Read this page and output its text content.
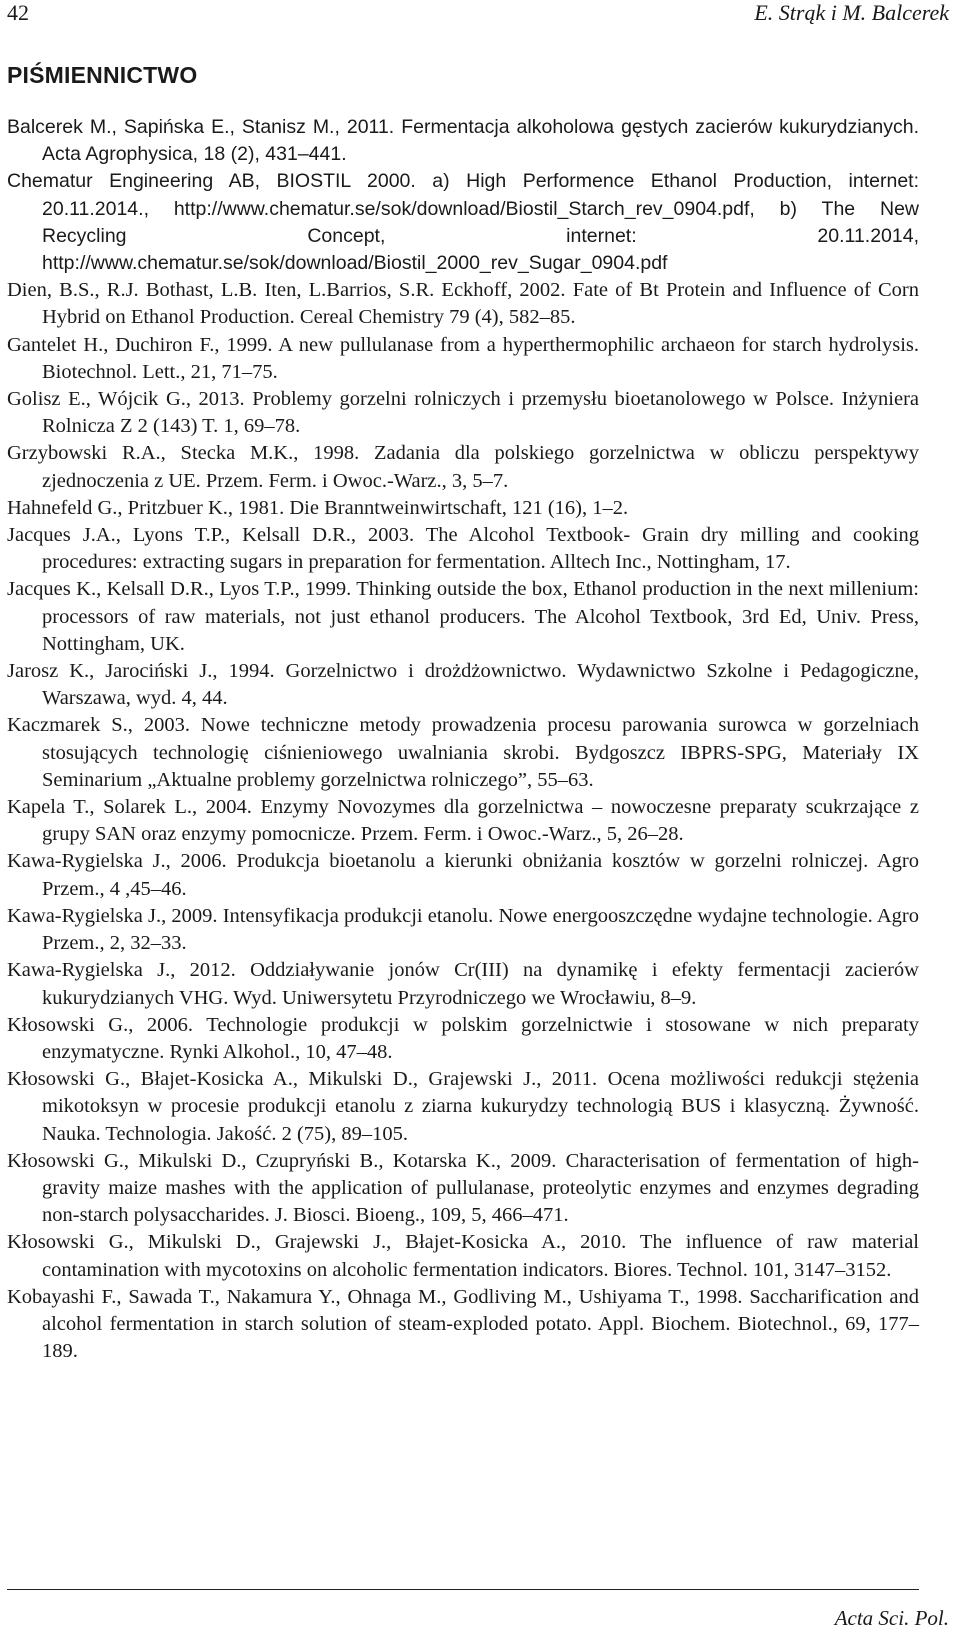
42	E. Strąk i M. Balcerek
PIŚMIENNICTWO
Balcerek M., Sapińska E., Stanisz M., 2011. Fermentacja alkoholowa gęstych zacierów kukurydzianych. Acta Agrophysica, 18 (2), 431–441.
Chematur Engineering AB, BIOSTIL 2000. a) High Performence Ethanol Production, internet: 20.11.2014., http://www.chematur.se/sok/download/Biostil_Starch_rev_0904.pdf, b) The New Recycling Concept, internet: 20.11.2014, http://www.chematur.se/sok/download/Biostil_2000_rev_Sugar_0904.pdf
Dien, B.S., R.J. Bothast, L.B. Iten, L.Barrios, S.R. Eckhoff, 2002. Fate of Bt Protein and Influence of Corn Hybrid on Ethanol Production. Cereal Chemistry 79 (4), 582–85.
Gantelet H., Duchiron F., 1999. A new pullulanase from a hyperthermophilic archaeon for starch hydrolysis. Biotechnol. Lett., 21, 71–75.
Golisz E., Wójcik G., 2013. Problemy gorzelni rolniczych i przemysłu bioetanolowego w Polsce. Inżyniera Rolnicza Z 2 (143) T. 1, 69–78.
Grzybowski R.A., Stecka M.K., 1998. Zadania dla polskiego gorzelnictwa w obliczu perspektywy zjednoczenia z UE. Przem. Ferm. i Owoc.-Warz., 3, 5–7.
Hahnefeld G., Pritzbuer K., 1981. Die Branntweinwirtschaft, 121 (16), 1–2.
Jacques J.A., Lyons T.P., Kelsall D.R., 2003. The Alcohol Textbook- Grain dry milling and cooking procedures: extracting sugars in preparation for fermentation. Alltech Inc., Nottingham, 17.
Jacques K., Kelsall D.R., Lyos T.P., 1999. Thinking outside the box, Ethanol production in the next millenium: processors of raw materials, not just ethanol producers. The Alcohol Textbook, 3rd Ed, Univ. Press, Nottingham, UK.
Jarosz K., Jarociński J., 1994. Gorzelnictwo i drożdżownictwo. Wydawnictwo Szkolne i Pedagogiczne, Warszawa, wyd. 4, 44.
Kaczmarek S., 2003. Nowe techniczne metody prowadzenia procesu parowania surowca w gorzelniach stosujących technologię ciśnieniowego uwalniania skrobi. Bydgoszcz IBPRS-SPG, Materiały IX Seminarium „Aktualne problemy gorzelnictwa rolniczego”, 55–63.
Kapela T., Solarek L., 2004. Enzymy Novozymes dla gorzelnictwa – nowoczesne preparaty scukrzające z grupy SAN oraz enzymy pomocnicze. Przem. Ferm. i Owoc.-Warz., 5, 26–28.
Kawa-Rygielska J., 2006. Produkcja bioetanolu a kierunki obniżania kosztów w gorzelni rolniczej. Agro Przem., 4 ,45–46.
Kawa-Rygielska J., 2009. Intensyfikacja produkcji etanolu. Nowe energooszczędne wydajne technologie. Agro Przem., 2, 32–33.
Kawa-Rygielska J., 2012. Oddziaływanie jonów Cr(III) na dynamikę i efekty fermentacji zacierów kukurydzianych VHG. Wyd. Uniwersytetu Przyrodniczego we Wrocławiu, 8–9.
Kłosowski G., 2006. Technologie produkcji w polskim gorzelnictwie i stosowane w nich preparaty enzymatyczne. Rynki Alkohol., 10, 47–48.
Kłosowski G., Błajet-Kosicka A., Mikulski D., Grajewski J., 2011. Ocena możliwości redukcji stężenia mikotoksyn w procesie produkcji etanolu z ziarna kukurydzy technologią BUS i klasyczną. Żywność. Nauka. Technologia. Jakość. 2 (75), 89–105.
Kłosowski G., Mikulski D., Czupryński B., Kotarska K., 2009. Characterisation of fermentation of high-gravity maize mashes with the application of pullulanase, proteolytic enzymes and enzymes degrading non-starch polysaccharides. J. Biosci. Bioeng., 109, 5, 466–471.
Kłosowski G., Mikulski D., Grajewski J., Błajet-Kosicka A., 2010. The influence of raw material contamination with mycotoxins on alcoholic fermentation indicators. Biores. Technol. 101, 3147–3152.
Kobayashi F., Sawada T., Nakamura Y., Ohnaga M., Godliving M., Ushiyama T., 1998. Saccharification and alcohol fermentation in starch solution of steam-exploded potato. Appl. Biochem. Biotechnol., 69, 177–189.
Acta Sci. Pol.
